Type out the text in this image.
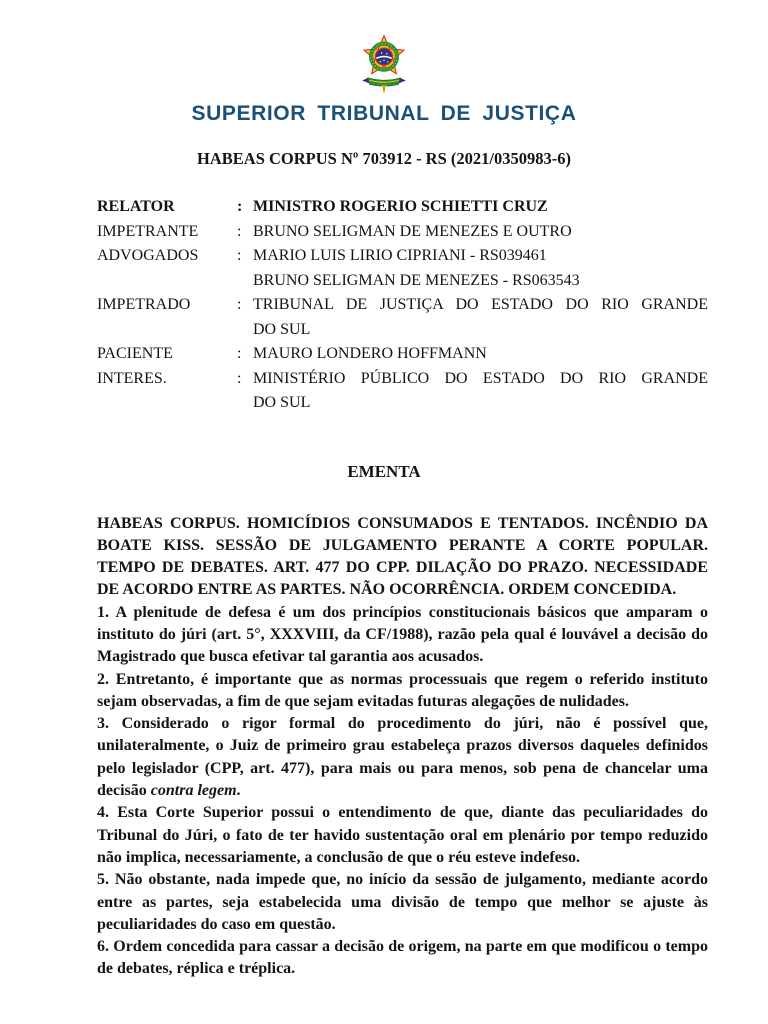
SUPERIOR TRIBUNAL DE JUSTIÇA
HABEAS CORPUS Nº 703912 - RS (2021/0350983-6)
RELATOR	: MINISTRO ROGERIO SCHIETTI CRUZ
IMPETRANTE	: BRUNO SELIGMAN DE MENEZES E OUTRO
ADVOGADOS	: MARIO LUIS LIRIO CIPRIANI - RS039461
BRUNO SELIGMAN DE MENEZES - RS063543
IMPETRADO	: TRIBUNAL DE JUSTIÇA DO ESTADO DO RIO GRANDE
DO SUL
PACIENTE	: MAURO LONDERO HOFFMANN
INTERES.	: MINISTÉRIO PÚBLICO DO ESTADO DO RIO GRANDE
DO SUL
EMENTA

HABEAS CORPUS. HOMICÍDIOS CONSUMADOS E TENTADOS. INCÊNDIO DA BOATE KISS. SESSÃO DE JULGAMENTO PERANTE A CORTE POPULAR. TEMPO DE DEBATES. ART. 477 DO CPP. DILAÇÃO DO PRAZO. NECESSIDADE DE ACORDO ENTRE AS PARTES. NÃO OCORRÊNCIA. ORDEM CONCEDIDA.

1. A plenitude de defesa é um dos princípios constitucionais básicos que amparam o instituto do júri (art. 5°, XXXVIII, da CF/1988), razão pela qual é louvável a decisão do Magistrado que busca efetivar tal garantia aos acusados.

2. Entretanto, é importante que as normas processuais que regem o referido instituto sejam observadas, a fim de que sejam evitadas futuras alegações de nulidades.

3. Considerado o rigor formal do procedimento do júri, não é possível que, unilateralmente, o Juiz de primeiro grau estabeleça prazos diversos daqueles definidos pelo legislador (CPP, art. 477), para mais ou para menos, sob pena de chancelar uma decisão contra legem.

4. Esta Corte Superior possui o entendimento de que, diante das peculiaridades do Tribunal do Júri, o fato de ter havido sustentação oral em plenário por tempo reduzido não implica, necessariamente, a conclusão de que o réu esteve indefeso.

5. Não obstante, nada impede que, no início da sessão de julgamento, mediante acordo entre as partes, seja estabelecida uma divisão de tempo que melhor se ajuste às peculiaridades do caso em questão.

6. Ordem concedida para cassar a decisão de origem, na parte em que modificou o tempo de debates, réplica e tréplica.
